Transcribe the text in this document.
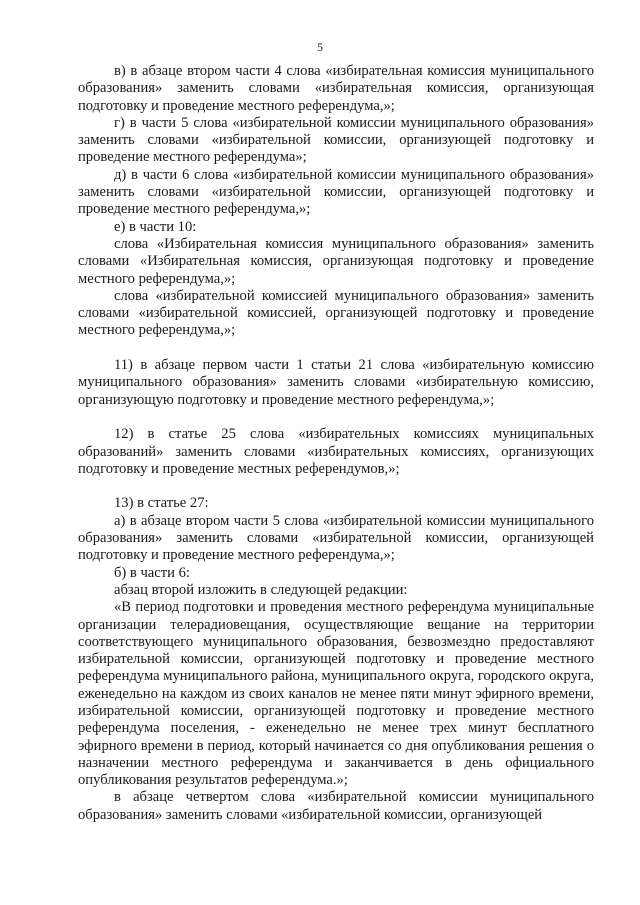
5

в) в абзаце втором части 4 слова «избирательная комиссия муниципального образования» заменить словами «избирательная комиссия, организующая подготовку и проведение местного референдума,»;

г) в части 5 слова «избирательной комиссии муниципального образования» заменить словами «избирательной комиссии, организующей подготовку и проведение местного референдума»;

д) в части 6 слова «избирательной комиссии муниципального образования» заменить словами «избирательной комиссии, организующей подготовку и проведение местного референдума,»;

е) в части 10:

слова «Избирательная комиссия муниципального образования» заменить словами «Избирательная комиссия, организующая подготовку и проведение местного референдума,»;

слова «избирательной комиссией муниципального образования» заменить словами «избирательной комиссией, организующей подготовку и проведение местного референдума,»;

11) в абзаце первом части 1 статьи 21 слова «избирательную комиссию муниципального образования» заменить словами «избирательную комиссию, организующую подготовку и проведение местного референдума,»;

12) в статье 25 слова «избирательных комиссиях муниципальных образований» заменить словами «избирательных комиссиях, организующих подготовку и проведение местных референдумов,»;

13) в статье 27:

а) в абзаце втором части 5 слова «избирательной комиссии муниципального образования» заменить словами «избирательной комиссии, организующей подготовку и проведение местного референдума,»;

б) в части 6:

абзац второй изложить в следующей редакции:

«В период подготовки и проведения местного референдума муниципальные организации телерадиовещания, осуществляющие вещание на территории соответствующего муниципального образования, безвозмездно предоставляют избирательной комиссии, организующей подготовку и проведение местного референдума муниципального района, муниципального округа, городского округа, еженедельно на каждом из своих каналов не менее пяти минут эфирного времени, избирательной комиссии, организующей подготовку и проведение местного референдума поселения, - еженедельно не менее трех минут бесплатного эфирного времени в период, который начинается со дня опубликования решения о назначении местного референдума и заканчивается в день официального опубликования результатов референдума.»;

в абзаце четвертом слова «избирательной комиссии муниципального образования» заменить словами «избирательной комиссии, организующей
